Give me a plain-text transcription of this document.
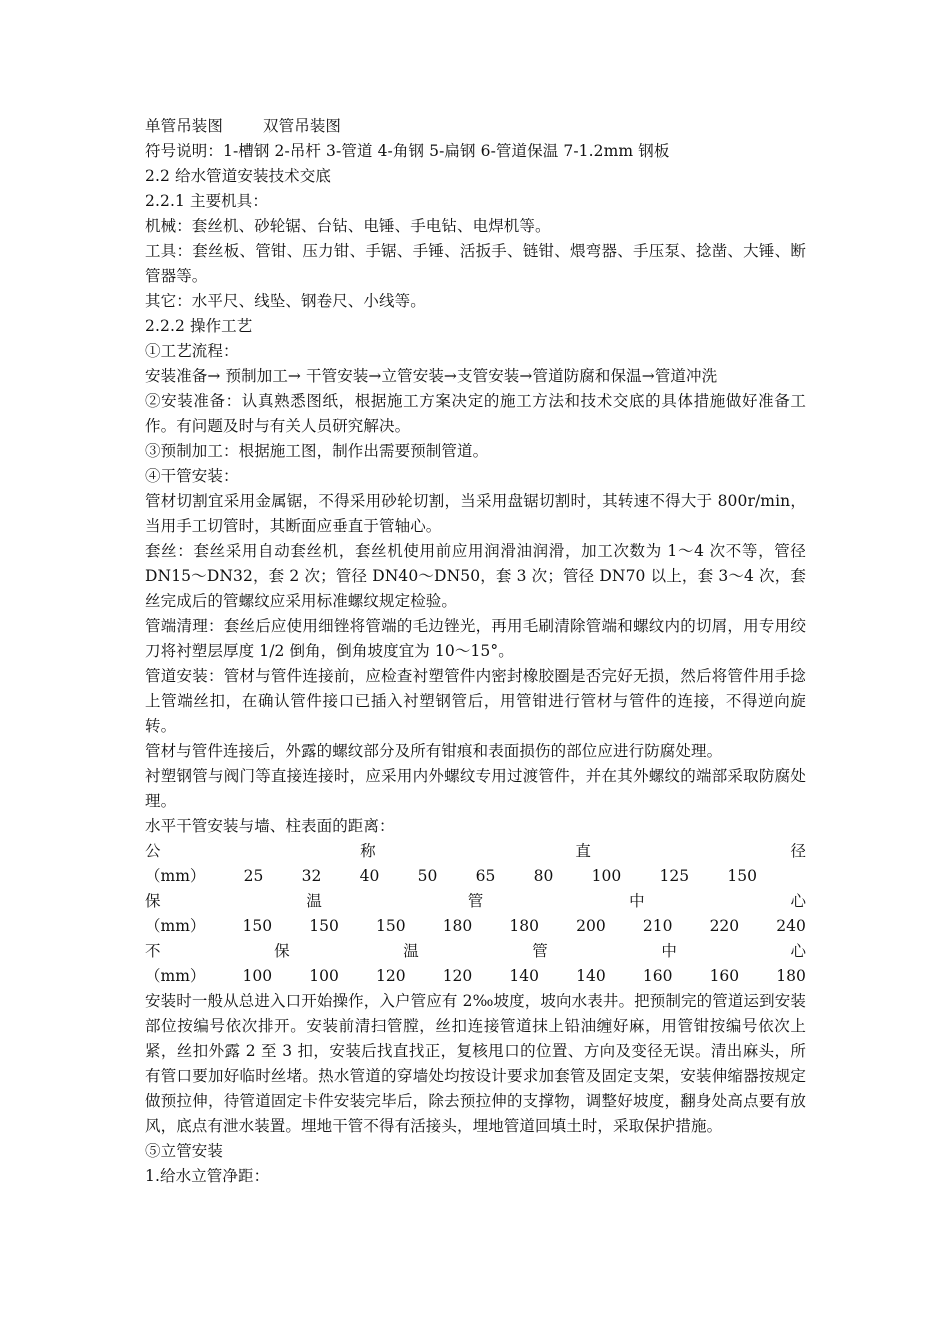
单管吊装图	双管吊装图

符号说明：1-槽钢 2-吊杆 3-管道 4-角钢 5-扁钢 6-管道保温 7-1.2mm 钢板

2.2 给水管道安装技术交底

2.2.1 主要机具：

机械：套丝机、砂轮锯、台钻、电锤、手电钻、电焊机等。

工具：套丝板、管钳、压力钳、手锯、手锤、活扳手、链钳、煨弯器、手压泵、捻凿、大锤、断管器等。

其它：水平尺、线坠、钢卷尺、小线等。

2.2.2 操作工艺

①工艺流程：

安装准备→ 预制加工→ 干管安装→立管安装→支管安装→管道防腐和保温→管道冲洗

②安装准备：认真熟悉图纸，根据施工方案决定的施工方法和技术交底的具体措施做好准备工作。有问题及时与有关人员研究解决。

③预制加工：根据施工图，制作出需要预制管道。

④干管安装：

管材切割宜采用金属锯，不得采用砂轮切割，当采用盘锯切割时，其转速不得大于 800r/min，当用手工切管时，其断面应垂直于管轴心。

套丝：套丝采用自动套丝机，套丝机使用前应用润滑油润滑，加工次数为 1～4 次不等，管径 DN15～DN32，套 2 次；管径 DN40～DN50，套 3 次；管径 DN70 以上，套 3～4 次，套丝完成后的管螺纹应采用标准螺纹规定检验。

管端清理：套丝后应使用细锉将管端的毛边锉光，再用毛刷清除管端和螺纹内的切屑，用专用绞刀将衬塑层厚度 1/2 倒角，倒角坡度宜为 10～15°。

管道安装：管材与管件连接前，应检查衬塑管件内密封橡胶圈是否完好无损，然后将管件用手捻上管端丝扣，在确认管件接口已插入衬塑钢管后，用管钳进行管材与管件的连接，不得逆向旋转。

管材与管件连接后，外露的螺纹部分及所有钳痕和表面损伤的部位应进行防腐处理。

衬塑钢管与阀门等直接连接时，应采用内外螺纹专用过渡管件，并在其外螺纹的端部采取防腐处理。

水平干管安装与墙、柱表面的距离：

公	称	直	径
（mm） 25 32 40 50 65 80 100 125 150
保	温	管	中	心
（mm） 150 150 150 180 180 200 210 220 240
不	保	温	管	中	心
（mm） 100 100 120 120 140 140 160 160 180

安装时一般从总进入口开始操作，入户管应有 2‰坡度，坡向水表井。把预制完的管道运到安装部位按编号依次排开。安装前清扫管膛，丝扣连接管道抹上铅油缠好麻，用管钳按编号依次上紧，丝扣外露 2 至 3 扣，安装后找直找正，复核甩口的位置、方向及变径无误。清出麻头，所有管口要加好临时丝堵。热水管道的穿墙处均按设计要求加套管及固定支架，安装伸缩器按规定做预拉伸，待管道固定卡件安装完毕后，除去预拉伸的支撑物，调整好坡度，翻身处高点要有放风，底点有泄水装置。埋地干管不得有活接头，埋地管道回填土时，采取保护措施。

⑤立管安装

1.给水立管净距：
